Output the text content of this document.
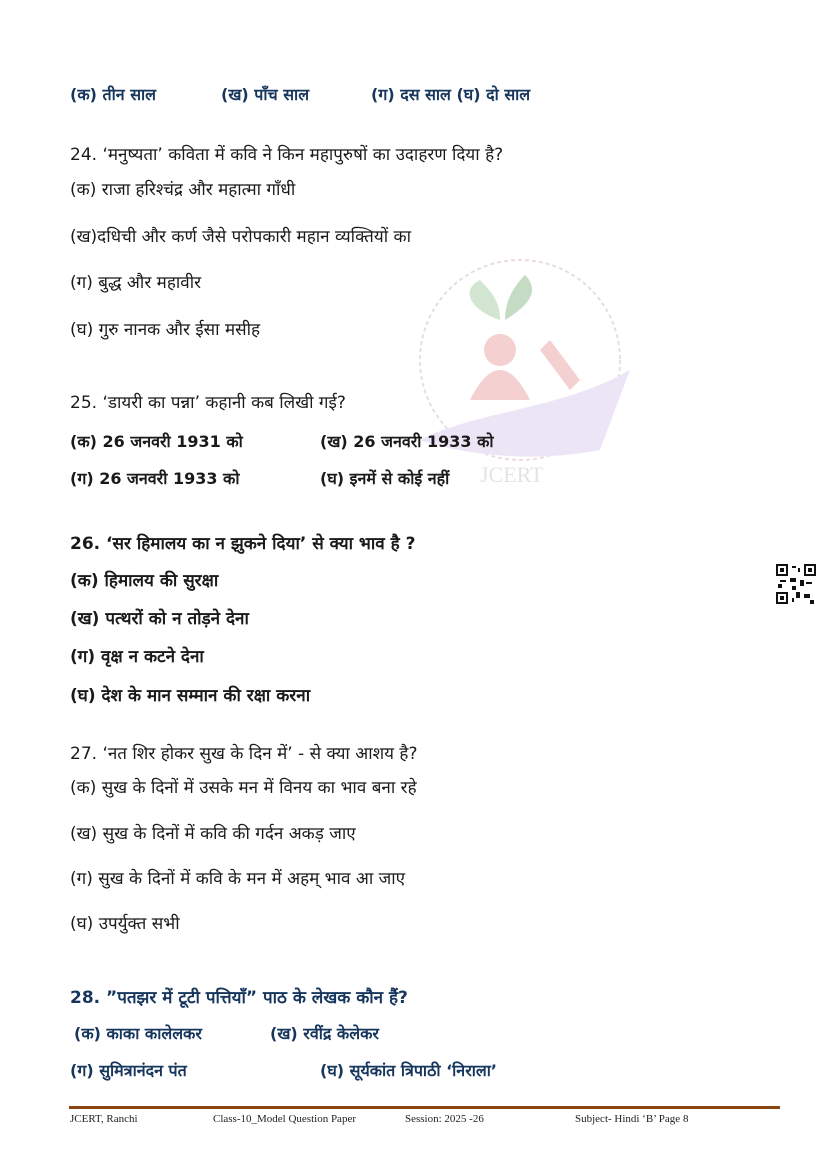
JCERT
(क) तीन साल	(ख) पाँच साल	(ग) दस साल (घ) दो साल
24. ‘मनुष्यता’ कविता में कवि ने किन महापुरुषों का उदाहरण दिया है?
(क) राजा हरिश्चंद्र और महात्मा गाँधी
(ख)दधिची और कर्ण जैसे परोपकारी महान व्यक्तियों का
(ग) बुद्ध और महावीर
(घ) गुरु नानक और ईसा मसीह
25. ‘डायरी का पन्ना’ कहानी कब लिखी गई?
(क) 26 जनवरी 1931 को	(ख) 26 जनवरी 1933 को
(ग) 26 जनवरी 1933 को	(घ) इनमें से कोई नहीं
26. ‘सर हिमालय का न झुकने दिया’ से क्या भाव है ?
(क) हिमालय की सुरक्षा
(ख) पत्थरों को न तोड़ने देना
(ग) वृक्ष न कटने देना
(घ) देश के मान सम्मान की रक्षा करना
27. ‘नत शिर होकर सुख के दिन में’ - से क्या आशय है?
(क) सुख के दिनों में उसके मन में विनय का भाव बना रहे
(ख) सुख के दिनों में कवि की गर्दन अकड़ जाए
(ग) सुख के दिनों में कवि के मन में अहम् भाव आ जाए
(घ) उपर्युक्त सभी
28. ”पतझर में टूटी पत्तियाँ” पाठ के लेखक कौन हैं?
(क) काका कालेलकर	(ख) रवींद्र केलेकर
(ग) सुमित्रानंदन पंत	(घ) सूर्यकांत त्रिपाठी ‘निराला’
JCERT, Ranchi	Class-10_Model Question Paper	Session: 2025 -26	Subject- Hindi ‘B’ Page 8
